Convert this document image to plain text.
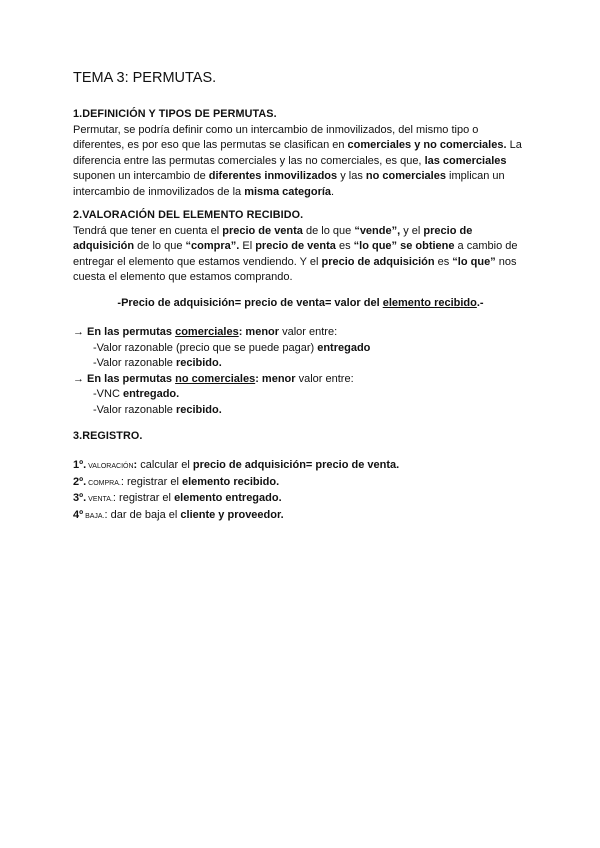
TEMA 3: PERMUTAS.

1.DEFINICIÓN Y TIPOS DE PERMUTAS.

Permutar, se podría definir como un intercambio de inmovilizados, del mismo tipo o diferentes, es por eso que las permutas se clasifican en comerciales y no comerciales. La diferencia entre las permutas comerciales y las no comerciales, es que, las comerciales suponen un intercambio de diferentes inmovilizados y las no comerciales implican un intercambio de inmovilizados de la misma categoría.

2.VALORACIÓN DEL ELEMENTO RECIBIDO.

Tendrá que tener en cuenta el precio de venta de lo que “vende”, y el precio de adquisición de lo que “compra”. El precio de venta es “lo que” se obtiene a cambio de entregar el elemento que estamos vendiendo. Y el precio de adquisición es “lo que” nos cuesta el elemento que estamos comprando.

-Precio de adquisición= precio de venta= valor del elemento recibido.-

→ En las permutas comerciales: menor valor entre:

-Valor razonable (precio que se puede pagar) entregado

-Valor razonable recibido.

→ En las permutas no comerciales: menor valor entre:

-VNC entregado.

-Valor razonable recibido.

3.REGISTRO.

1º. VALORACIÓN: calcular el precio de adquisición= precio de venta.

2º. COMPRA.: registrar el elemento recibido.

3º. VENTA.: registrar el elemento entregado.

4º BAJA.: dar de baja el cliente y proveedor.
